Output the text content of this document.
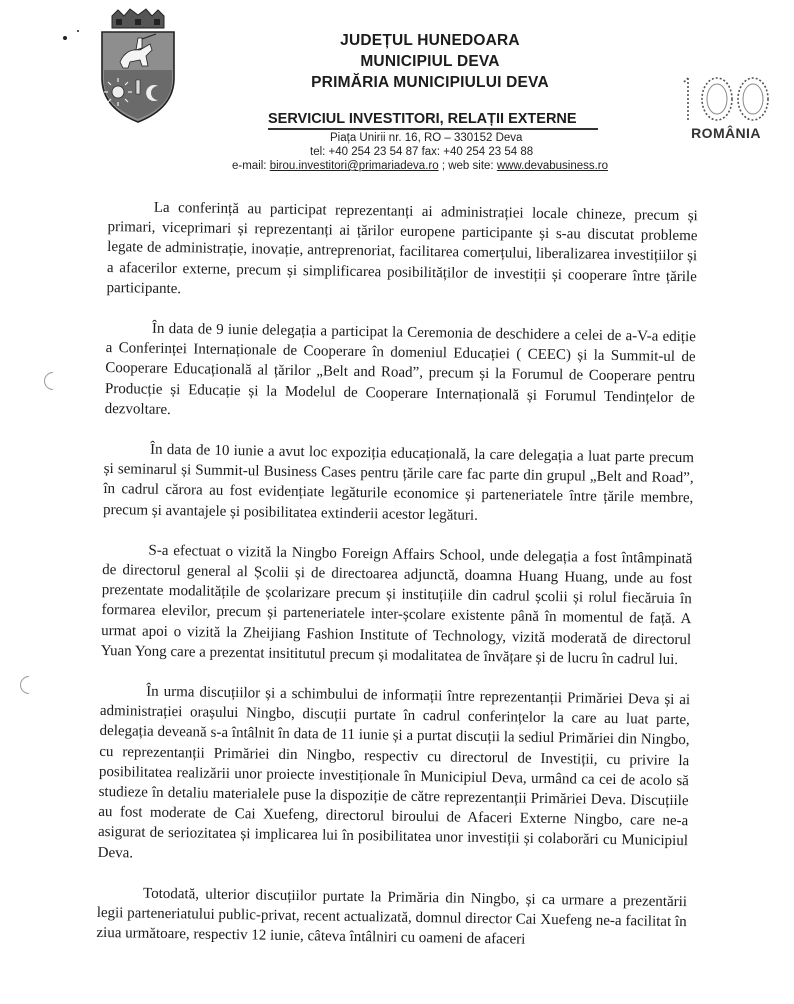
JUDEȚUL HUNEDOARA
MUNICIPIUL DEVA
PRIMĂRIA MUNICIPIULUI DEVA
SERVICIUL INVESTITORI, RELAȚII EXTERNE
Piața Unirii nr. 16, RO – 330152 Deva
tel: +40 254 23 54 87 fax: +40 254 23 54 88
e-mail: birou.investitori@primariadeva.ro ; web site: www.devabusiness.ro
ROMÂNIA

La conferință au participat reprezentanți ai administrației locale chineze, precum și primari, viceprimari și reprezentanți ai țărilor europene participante și s-au discutat probleme legate de administrație, inovație, antreprenoriat, facilitarea comerțului, liberalizarea investițiilor și a afacerilor externe, precum și simplificarea posibilităților de investiții și cooperare între țările participante.

În data de 9 iunie delegația a participat la Ceremonia de deschidere a celei de a-V-a ediție a Conferinței Internaționale de Cooperare în domeniul Educației ( CEEC) și la Summit-ul de Cooperare Educațională al țărilor „Belt and Road”, precum și la Forumul de Cooperare pentru Producție și Educație și la Modelul de Cooperare Internațională și Forumul Tendințelor de dezvoltare.

În data de 10 iunie a avut loc expoziția educațională, la care delegația a luat parte precum și seminarul și Summit-ul Business Cases pentru țările care fac parte din grupul „Belt and Road”, în cadrul cărora au fost evidențiate legăturile economice și parteneriatele între țările membre, precum și avantajele și posibilitatea extinderii acestor legături.

S-a efectuat o vizită la Ningbo Foreign Affairs School, unde delegația a fost întâmpinată de directorul general al Școlii și de directoarea adjunctă, doamna Huang Huang, unde au fost prezentate modalitățile de școlarizare precum și instituțiile din cadrul școlii și rolul fiecăruia în formarea elevilor, precum și parteneriatele inter-școlare existente până în momentul de față. A urmat apoi o vizită la Zheijiang Fashion Institute of Technology, vizită moderată de directorul Yuan Yong care a prezentat insititutul precum și modalitatea de învățare și de lucru în cadrul lui.

În urma discuțiilor și a schimbului de informații între reprezentanții Primăriei Deva și ai administrației orașului Ningbo, discuții purtate în cadrul conferințelor la care au luat parte, delegația deveană s-a întâlnit în data de 11 iunie și a purtat discuții la sediul Primăriei din Ningbo, cu reprezentanții Primăriei din Ningbo, respectiv cu directorul de Investiții, cu privire la posibilitatea realizării unor proiecte investiționale în Municipiul Deva, urmând ca cei de acolo să studieze în detaliu materialele puse la dispoziție de către reprezentanții Primăriei Deva. Discuțiile au fost moderate de Cai Xuefeng, directorul biroului de Afaceri Externe Ningbo, care ne-a asigurat de seriozitatea și implicarea lui în posibilitatea unor investiții și colaborări cu Municipiul Deva.

Totodată, ulterior discuțiilor purtate la Primăria din Ningbo, și ca urmare a prezentării legii parteneriatului public-privat, recent actualizată, domnul director Cai Xuefeng ne-a facilitat în ziua următoare, respectiv 12 iunie, câteva întâlniri cu oameni de afaceri
